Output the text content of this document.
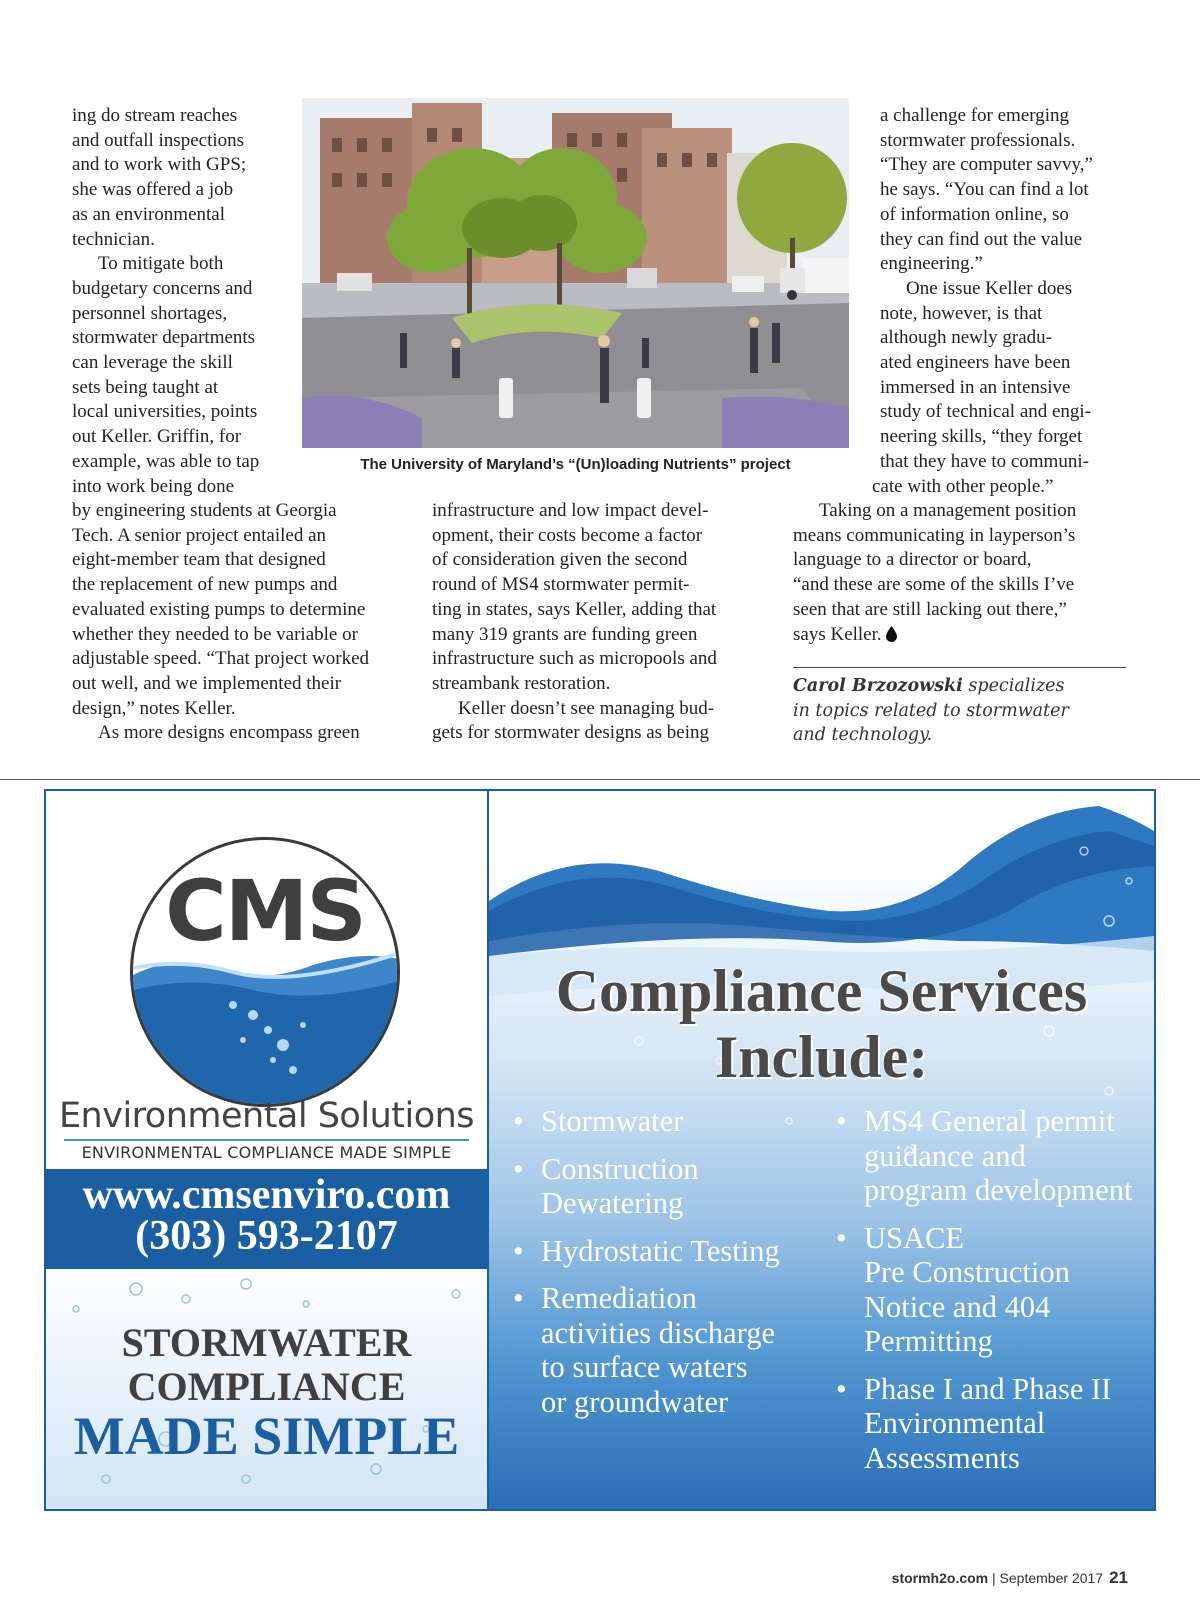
ing do stream reaches

and outfall inspections

and to work with GPS;

she was offered a job

as an environmental

technician.

To mitigate both

budgetary concerns and

personnel shortages,

stormwater departments

can leverage the skill

sets being taught at

local universities, points

out Keller. Griffin, for

example, was able to tap

into work being done

by engineering students at Georgia

Tech. A senior project entailed an

eight-member team that designed

the replacement of new pumps and

evaluated existing pumps to determine

whether they needed to be variable or

adjustable speed. “That project worked

out well, and we implemented their

design,” notes Keller.

As more designs encompass green

infrastructure and low impact devel-

opment, their costs become a factor

of consideration given the second

round of MS4 stormwater permit-

ting in states, says Keller, adding that

many 319 grants are funding green

infrastructure such as micropools and

streambank restoration.

Keller doesn’t see managing bud-

gets for stormwater designs as being

a challenge for emerging

stormwater professionals.

“They are computer savvy,”

he says. “You can find a lot

of information online, so

they can find out the value

engineering.”

One issue Keller does

note, however, is that

although newly gradu-

ated engineers have been

immersed in an intensive

study of technical and engi-

neering skills, “they forget

that they have to communi-

cate with other people.”

Taking on a management position

means communicating in layperson’s

language to a director or board,

“and these are some of the skills I’ve

seen that are still lacking out there,”

says Keller.

The University of Maryland’s “(Un)loading Nutrients” project
Carol Brzozowski specializes
in topics related to stormwater
and technology.
CMS
Environmental Solutions
ENVIRONMENTAL COMPLIANCE MADE SIMPLE
www.cmsenviro.com
(303) 593-2107
STORMWATER
COMPLIANCE
MADE SIMPLE
Compliance Services
Include:
• Stormwater
• Construction
Dewatering
• Hydrostatic Testing
• Remediation
activities discharge
to surface waters
or groundwater
• MS4 General permit
guidance and
program development
• USACE
Pre Construction
Notice and 404
Permitting
• Phase I and Phase II
Environmental
Assessments
stormh2o.com | September 2017 21
